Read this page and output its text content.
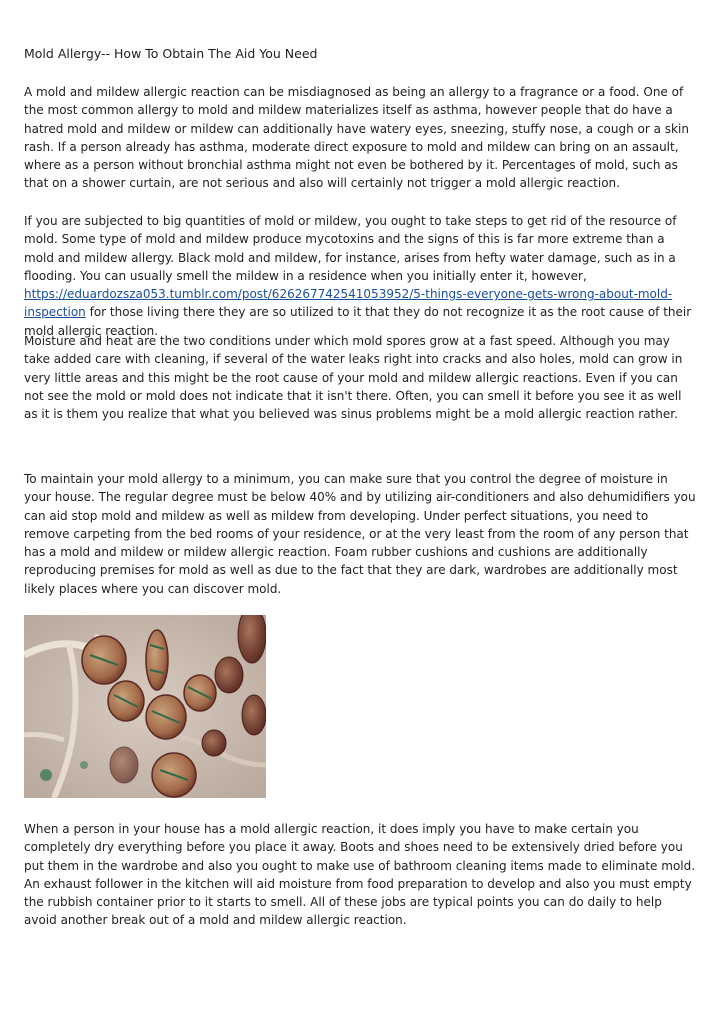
Mold Allergy-- How To Obtain The Aid You Need

A mold and mildew allergic reaction can be misdiagnosed as being an allergy to a fragrance or a food. One of the most common allergy to mold and mildew materializes itself as asthma, however people that do have a hatred mold and mildew or mildew can additionally have watery eyes, sneezing, stuffy nose, a cough or a skin rash. If a person already has asthma, moderate direct exposure to mold and mildew can bring on an assault, where as a person without bronchial asthma might not even be bothered by it. Percentages of mold, such as that on a shower curtain, are not serious and also will certainly not trigger a mold allergic reaction.

If you are subjected to big quantities of mold or mildew, you ought to take steps to get rid of the resource of mold. Some type of mold and mildew produce mycotoxins and the signs of this is far more extreme than a mold and mildew allergy. Black mold and mildew, for instance, arises from hefty water damage, such as in a flooding. You can usually smell the mildew in a residence when you initially enter it, however,
https://eduardozsza053.tumblr.com/post/626267742541053952/5-things-everyone-gets-wrong-about-mold-inspection for those living there they are so utilized to it that they do not recognize it as the root cause of their mold allergic reaction.

Moisture and heat are the two conditions under which mold spores grow at a fast speed. Although you may take added care with cleaning, if several of the water leaks right into cracks and also holes, mold can grow in very little areas and this might be the root cause of your mold and mildew allergic reactions. Even if you can not see the mold or mold does not indicate that it isn't there. Often, you can smell it before you see it as well as it is them you realize that what you believed was sinus problems might be a mold allergic reaction rather.

To maintain your mold allergy to a minimum, you can make sure that you control the degree of moisture in your house. The regular degree must be below 40% and by utilizing air-conditioners and also dehumidifiers you can aid stop mold and mildew as well as mildew from developing. Under perfect situations, you need to remove carpeting from the bed rooms of your residence, or at the very least from the room of any person that has a mold and mildew or mildew allergic reaction. Foam rubber cushions and cushions are additionally reproducing premises for mold as well as due to the fact that they are dark, wardrobes are additionally most likely places where you can discover mold.

When a person in your house has a mold allergic reaction, it does imply you have to make certain you completely dry everything before you place it away. Boots and shoes need to be extensively dried before you put them in the wardrobe and also you ought to make use of bathroom cleaning items made to eliminate mold. An exhaust follower in the kitchen will aid moisture from food preparation to develop and also you must empty the rubbish container prior to it starts to smell. All of these jobs are typical points you can do daily to help avoid another break out of a mold and mildew allergic reaction.
